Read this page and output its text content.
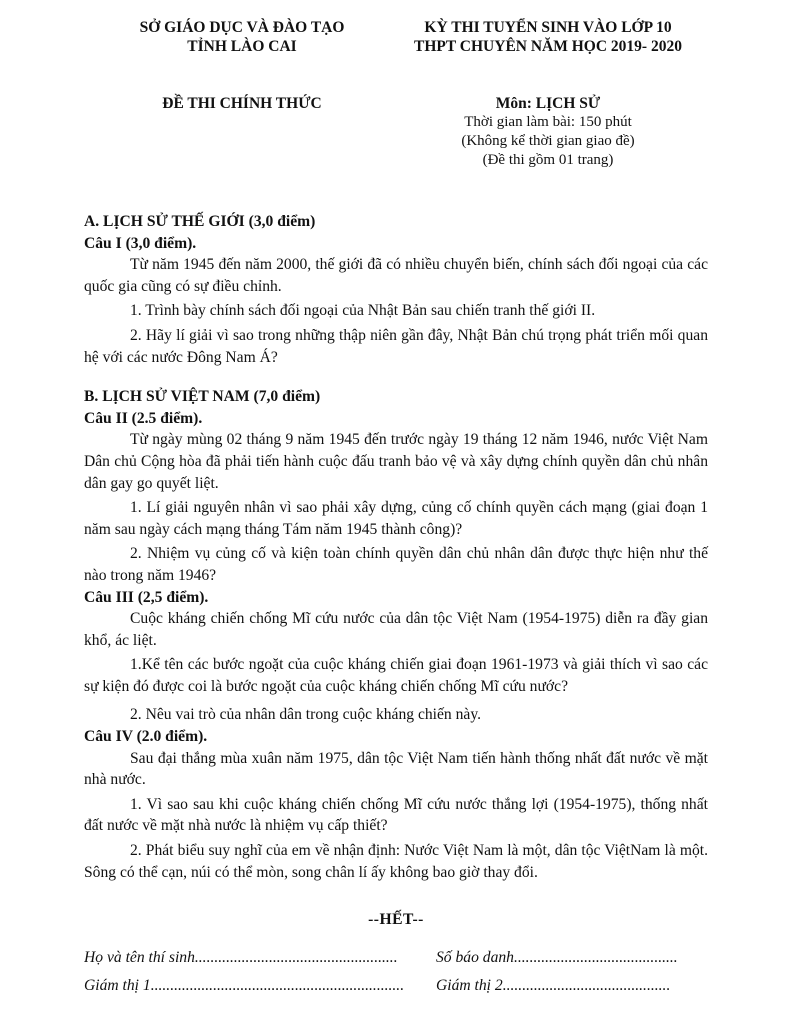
SỞ GIÁO DỤC VÀ ĐÀO TẠO
TỈNH LÀO CAI
ĐỀ THI CHÍNH THỨC
KỲ THI TUYỂN SINH VÀO LỚP 10
THPT CHUYÊN NĂM HỌC 2019- 2020
Môn: LỊCH SỬ
Thời gian làm bài: 150 phút
(Không kể thời gian giao đề)
(Đề thi gồm 01 trang)

A. LỊCH SỬ THẾ GIỚI (3,0 điểm)

Câu I (3,0 điểm).

Từ năm 1945 đến năm 2000, thế giới đã có nhiều chuyển biến, chính sách đối ngoại của các quốc gia cũng có sự điều chỉnh.

1. Trình bày chính sách đối ngoại của Nhật Bản sau chiến tranh thế giới II.

2. Hãy lí giải vì sao trong những thập niên gần đây, Nhật Bản chú trọng phát triển mối quan hệ với các nước Đông Nam Á?

B. LỊCH SỬ VIỆT NAM (7,0 điểm)

Câu II (2.5 điểm).

Từ ngày mùng 02 tháng 9 năm 1945 đến trước ngày 19 tháng 12 năm 1946, nước Việt Nam Dân chủ Cộng hòa đã phải tiến hành cuộc đấu tranh bảo vệ và xây dựng chính quyền dân chủ nhân dân gay go quyết liệt.

1. Lí giải nguyên nhân vì sao phải xây dựng, củng cố chính quyền cách mạng (giai đoạn 1 năm sau ngày cách mạng tháng Tám năm 1945 thành công)?

2. Nhiệm vụ củng cố và kiện toàn chính quyền dân chủ nhân dân được thực hiện như thế nào trong năm 1946?

Câu III (2,5 điểm).

Cuộc kháng chiến chống Mĩ cứu nước của dân tộc Việt Nam (1954-1975) diễn ra đầy gian khổ, ác liệt.

1.Kể tên các bước ngoặt của cuộc kháng chiến giai đoạn 1961-1973 và giải thích vì sao các sự kiện đó được coi là bước ngoặt của cuộc kháng chiến chống Mĩ cứu nước?

2. Nêu vai trò của nhân dân trong cuộc kháng chiến này.

Câu IV (2.0 điểm).

Sau đại thắng mùa xuân năm 1975, dân tộc Việt Nam tiến hành thống nhất đất nước về mặt nhà nước.

1. Vì sao sau khi cuộc kháng chiến chống Mĩ cứu nước thắng lợi (1954-1975), thống nhất đất nước về mặt nhà nước là nhiệm vụ cấp thiết?

2. Phát biểu suy nghĩ của em về nhận định: Nước Việt Nam là một, dân tộc ViệtNam là một. Sông có thể cạn, núi có thể mòn, song chân lí ấy không bao giờ thay đổi.

--HẾT--
Họ và tên thí sinh.................................................... Số báo danh..........................................
Giám thị 1................................................................. Giám thị 2...........................................
